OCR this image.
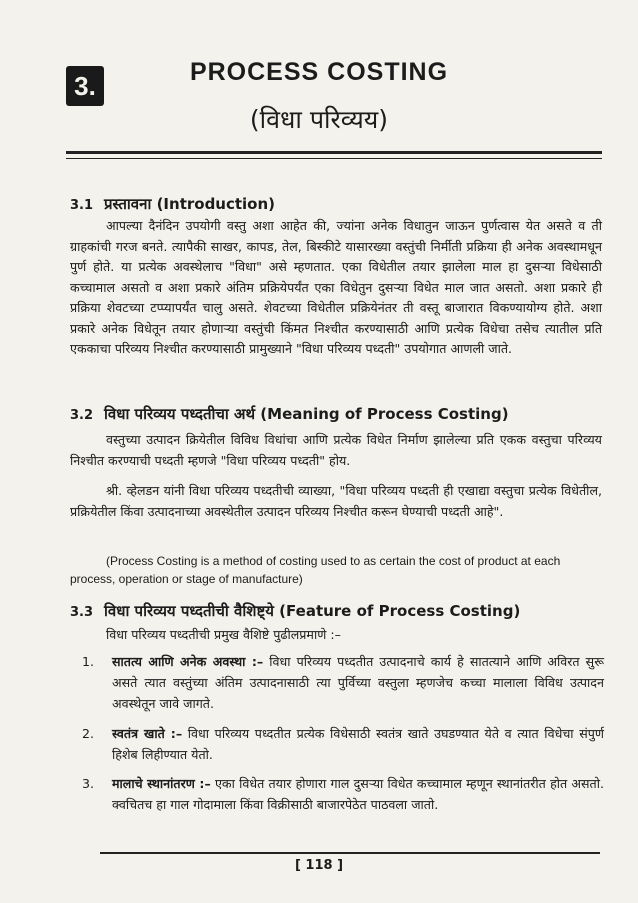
3.	PROCESS COSTING
(विधा परिव्यय)
3.1 प्रस्तावना (Introduction)

आपल्या दैनंदिन उपयोगी वस्तु अशा आहेत की, ज्यांना अनेक विधातुन जाऊन पुर्णत्वास येत असते व ती ग्राहकांची गरज बनते. त्यापैकी साखर, कापड, तेल, बिस्कीटे यासारख्या वस्तुंची निर्मीती प्रक्रिया ही अनेक अवस्थामधून पुर्ण होते. या प्रत्येक अवस्थेलाच "विधा" असे म्हणतात. एका विधेतील तयार झालेला माल हा दुसऱ्या विधेसाठी कच्चामाल असतो व अशा प्रकारे अंतिम प्रक्रियेपर्यंत एका विधेतुन दुसऱ्या विधेत माल जात असतो. अशा प्रकारे ही प्रक्रिया शेवटच्या टप्प्यापर्यंत चालु असते. शेवटच्या विधेतील प्रक्रियेनंतर ती वस्तू बाजारात विकण्यायोग्य होते. अशा प्रकारे अनेक विधेतून तयार होणाऱ्या वस्तुंची किंमत निश्चीत करण्यासाठी आणि प्रत्येक विधेचा तसेच त्यातील प्रति एककाचा परिव्यय निश्चीत करण्यासाठी प्रामुख्याने "विधा परिव्यय पध्दती" उपयोगात आणली जाते.

3.2 विधा परिव्यय पध्दतीचा अर्थ (Meaning of Process Costing)

वस्तुच्या उत्पादन क्रियेतील विविध विधांचा आणि प्रत्येक विधेत निर्माण झालेल्या प्रति एकक वस्तुचा परिव्यय निश्चीत करण्याची पध्दती म्हणजे "विधा परिव्यय पध्दती" होय.

श्री. व्हेलडन यांनी विधा परिव्यय पध्दतीची व्याख्या, "विधा परिव्यय पध्दती ही एखाद्या वस्तुचा प्रत्येक विधेतील, प्रक्रियेतील किंवा उत्पादनाच्या अवस्थेतील उत्पादन परिव्यय निश्चीत करून घेण्याची पध्दती आहे".

(Process Costing is a method of costing used to as certain the cost of product at each
process, operation or stage of manufacture)
3.3 विधा परिव्यय पध्दतीची वैशिष्ट्ये (Feature of Process Costing)
विधा परिव्यय पध्दतीची प्रमुख वैशिष्टे पुढीलप्रमाणे :–
1.	सातत्य आणि अनेक अवस्था :– विधा परिव्यय पध्दतीत उत्पादनाचे कार्य हे सातत्याने आणि अविरत सुरू असते त्यात वस्तुंच्या अंतिम उत्पादनासाठी त्या पुर्विच्या वस्तुला म्हणजेच कच्चा मालाला विविध उत्पादन अवस्थेतून जावे जागते.
2.	स्वतंत्र खाते :– विधा परिव्यय पध्दतीत प्रत्येक विधेसाठी स्वतंत्र खाते उघडण्यात येते व त्यात विधेचा संपुर्ण हिशेब लिहीण्यात येतो.
3.	मालाचे स्थानांतरण :– एका विधेत तयार होणारा गाल दुसऱ्या विधेत कच्चामाल म्हणून स्थानांतरीत होत असतो. क्वचितच हा गाल गोदामाला किंवा विक्रीसाठी बाजारपेठेत पाठवला जातो.
[ 118 ]
